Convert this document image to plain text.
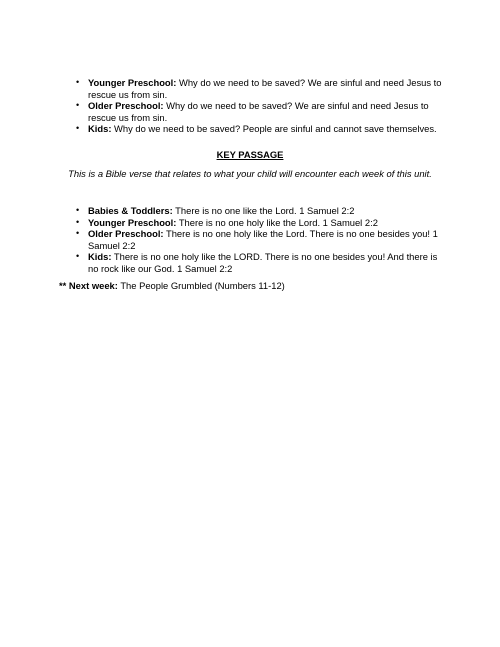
• Younger Preschool: Why do we need to be saved? We are sinful and need Jesus to rescue us from sin.
• Older Preschool: Why do we need to be saved? We are sinful and need Jesus to rescue us from sin.
• Kids: Why do we need to be saved? People are sinful and cannot save themselves.
KEY PASSAGE
This is a Bible verse that relates to what your child will encounter each week of this unit.
• Babies & Toddlers: There is no one like the Lord. 1 Samuel 2:2
• Younger Preschool: There is no one holy like the Lord. 1 Samuel 2:2
• Older Preschool: There is no one holy like the Lord. There is no one besides you! 1 Samuel 2:2
• Kids: There is no one holy like the LORD. There is no one besides you! And there is no rock like our God. 1 Samuel 2:2
** Next week: The People Grumbled (Numbers 11-12)
